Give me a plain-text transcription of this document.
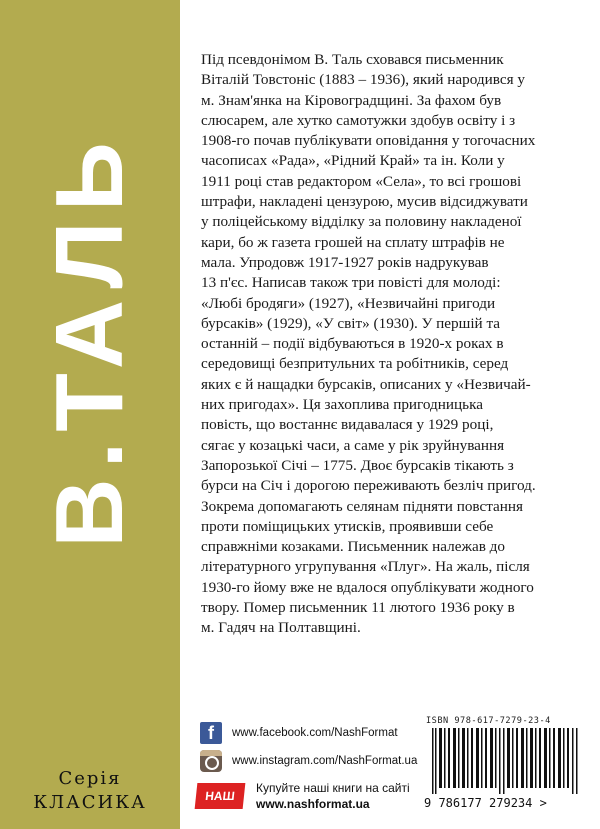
В.ТАЛЬ
Серія
КЛАСИКА

Під псевдонімом В. Таль сховався письменник
Віталій Товстоніс (1883 – 1936), який народився у
м. Знам'янка на Кіровоградщині. За фахом був
слюсарем, але хутко самотужки здобув освіту і з
1908-го почав публікувати оповідання у тогочасних
часописах «Рада», «Рідний Край» та ін. Коли у
1911 році став редактором «Села», то всі грошові
штрафи, накладені цензурою, мусив відсиджувати
у поліцейському відділку за половину накладеної
кари, бо ж газета грошей на сплату штрафів не
мала. Упродовж 1917-1927 років надрукував
13 п'єс. Написав також три повісті для молоді:
«Любі бродяги» (1927), «Незвичайні пригоди
бурсаків» (1929), «У світ» (1930). У першій та
останній – події відбуваються в 1920-х роках в
середовищі безпритульних та робітників, серед
яких є й нащадки бурсаків, описаних у «Незвичай-
них пригодах». Ця захоплива пригодницька
повість, що востаннє видавалася у 1929 році,
сягає у козацькі часи, а саме у рік зруйнування
Запорозької Січі – 1775. Двоє бурсаків тікають з
бурси на Січ і дорогою переживають безліч пригод.
Зокрема допомагають селянам підняти повстання
проти поміщицьких утисків, проявивши себе
справжніми козаками. Письменник належав до
літературного угрупування «Плуг». На жаль, після
1930-го йому вже не вдалося опублікувати жодного
твору. Помер письменник 11 лютого 1936 року в
м. Гадяч на Полтавщині.

f	www.facebook.com/NashFormat
www.instagram.com/NashFormat.ua
НАШ
Купуйте наші книги на сайті
www.nashformat.ua
ISBN 978-617-7279-23-4
9 786177 279234 >
